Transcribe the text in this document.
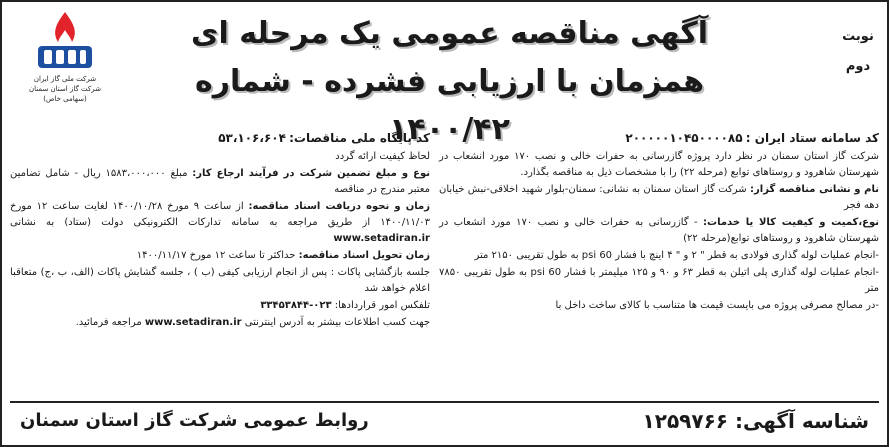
نوبت دوم
آگهی مناقصه عمومی یک مرحله ای
همزمان با ارزیابی فشرده - شماره ۱۴۰۰/۴۲
شرکت ملی گاز ایران
شرکت گاز استان سمنان
(سهامی خاص)

کد سامانه ستاد ایران : ۲۰۰۰۰۰۱۰۴۵۰۰۰۰۸۵

شرکت گاز استان سمنان در نظر دارد پروژه گازرسانی به حفرات خالی و نصب ۱۷۰ مورد انشعاب در شهرستان شاهرود و روستاهای توابع (مرحله ۲۲) را با مشخصات ذیل به مناقصه بگذارد.

نام و نشانی مناقصه گزار: شرکت گاز استان سمنان به نشانی: سمنان-بلوار شهید اخلاقی-نبش خیابان دهه فجر

نوع،کمیت و کیفیت کالا یا خدمات: - گازرسانی به حفرات خالی و نصب ۱۷۰ مورد انشعاب در شهرستان شاهرود و روستاهای توابع(مرحله ۲۲)

-انجام عملیات لوله گذاری فولادی به قطر " ۲ و " ۴ اینچ با فشار 60 psi به طول تقریبی ۲۱۵۰ متر

-انجام عملیات لوله گذاری پلی اتیلن به قطر ۶۳ و ۹۰ و ۱۲۵ میلیمتر با فشار 60 psi به طول تقریبی ۷۸۵۰ متر

-در مصالح مصرفی پروژه می بایست قیمت ها متناسب با کالای ساخت داخل با

کد پایگاه ملی مناقصات: ۵۳،۱۰۶،۶۰۴

لحاظ کیفیت ارائه گردد

نوع و مبلغ تضمین شرکت در فرآیند ارجاع کار: مبلغ ۱۵۸۳،۰۰۰،۰۰۰ ریال - شامل تضامین معتبر مندرج در مناقصه

زمان و نحوه دریافت اسناد مناقصه: از ساعت ۹ مورخ ۱۴۰۰/۱۰/۲۸ لغایت ساعت ۱۲ مورخ ۱۴۰۰/۱۱/۰۳ از طریق مراجعه به سامانه تدارکات الکترونیکی دولت (ستاد) به نشانی www.setadiran.ir

زمان تحویل اسناد مناقصه: حداکثر تا ساعت ۱۲ مورخ ۱۴۰۰/۱۱/۱۷

جلسه بازگشایی پاکات : پس از انجام ارزیابی کیفی (ب ) ، جلسه گشایش پاکات (الف، ب ،ج) متعاقبا اعلام خواهد شد

تلفکس امور قراردادها: ۰۲۳-۳۳۴۵۳۸۴۴

جهت کسب اطلاعات بیشتر به آدرس اینترنتی www.setadiran.ir مراجعه فرمائید.

شناسه آگهی: ۱۲۵۹۷۶۶
روابط عمومی شرکت گاز استان سمنان
